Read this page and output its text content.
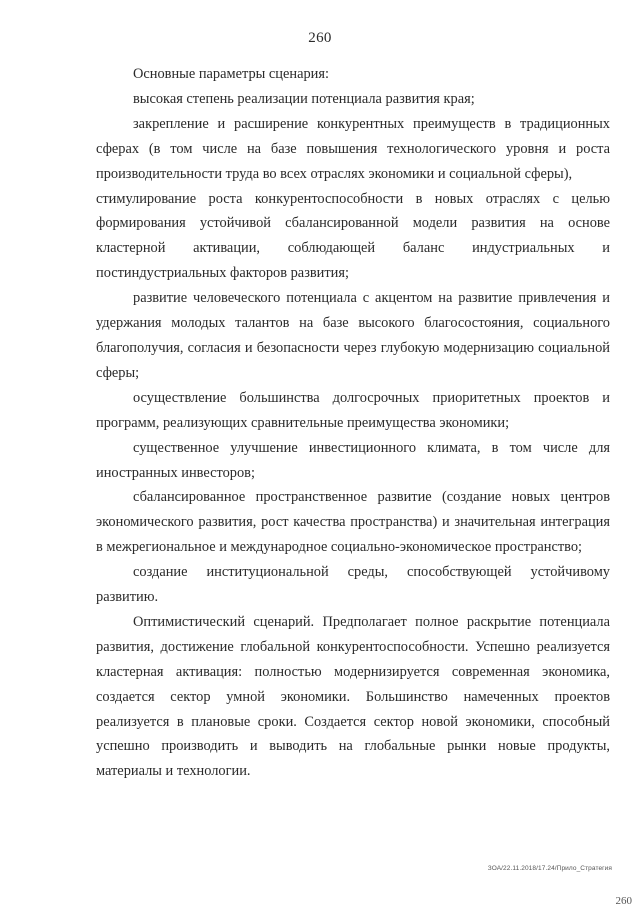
260

Основные параметры сценария:

высокая степень реализации потенциала развития края;

закрепление и расширение конкурентных преимуществ в традиционных сферах (в том числе на базе повышения технологического уровня и роста производительности труда во всех отраслях экономики и социальной сферы),

стимулирование роста конкурентоспособности в новых отраслях с целью формирования устойчивой сбалансированной модели развития на основе кластерной активации, соблюдающей баланс индустриальных и постиндустриальных факторов развития;

развитие человеческого потенциала с акцентом на развитие привлечения и удержания молодых талантов на базе высокого благосостояния, социального благополучия, согласия и безопасности через глубокую модернизацию социальной сферы;

осуществление большинства долгосрочных приоритетных проектов и программ, реализующих сравнительные преимущества экономики;

существенное улучшение инвестиционного климата, в том числе для иностранных инвесторов;

сбалансированное пространственное развитие (создание новых центров экономического развития, рост качества пространства) и значительная интеграция в межрегиональное и международное социально-экономическое пространство;

создание институциональной среды, способствующей устойчивому развитию.

Оптимистический сценарий. Предполагает полное раскрытие потенциала развития, достижение глобальной конкурентоспособности. Успешно реализуется кластерная активация: полностью модернизируется современная экономика, создается сектор умной экономики. Большинство намеченных проектов реализуется в плановые сроки. Создается сектор новой экономики, способный успешно производить и выводить на глобальные рынки новые продукты, материалы и технологии.

ЗОА/22.11.2018/17.24/Прило_Стратегия
260
